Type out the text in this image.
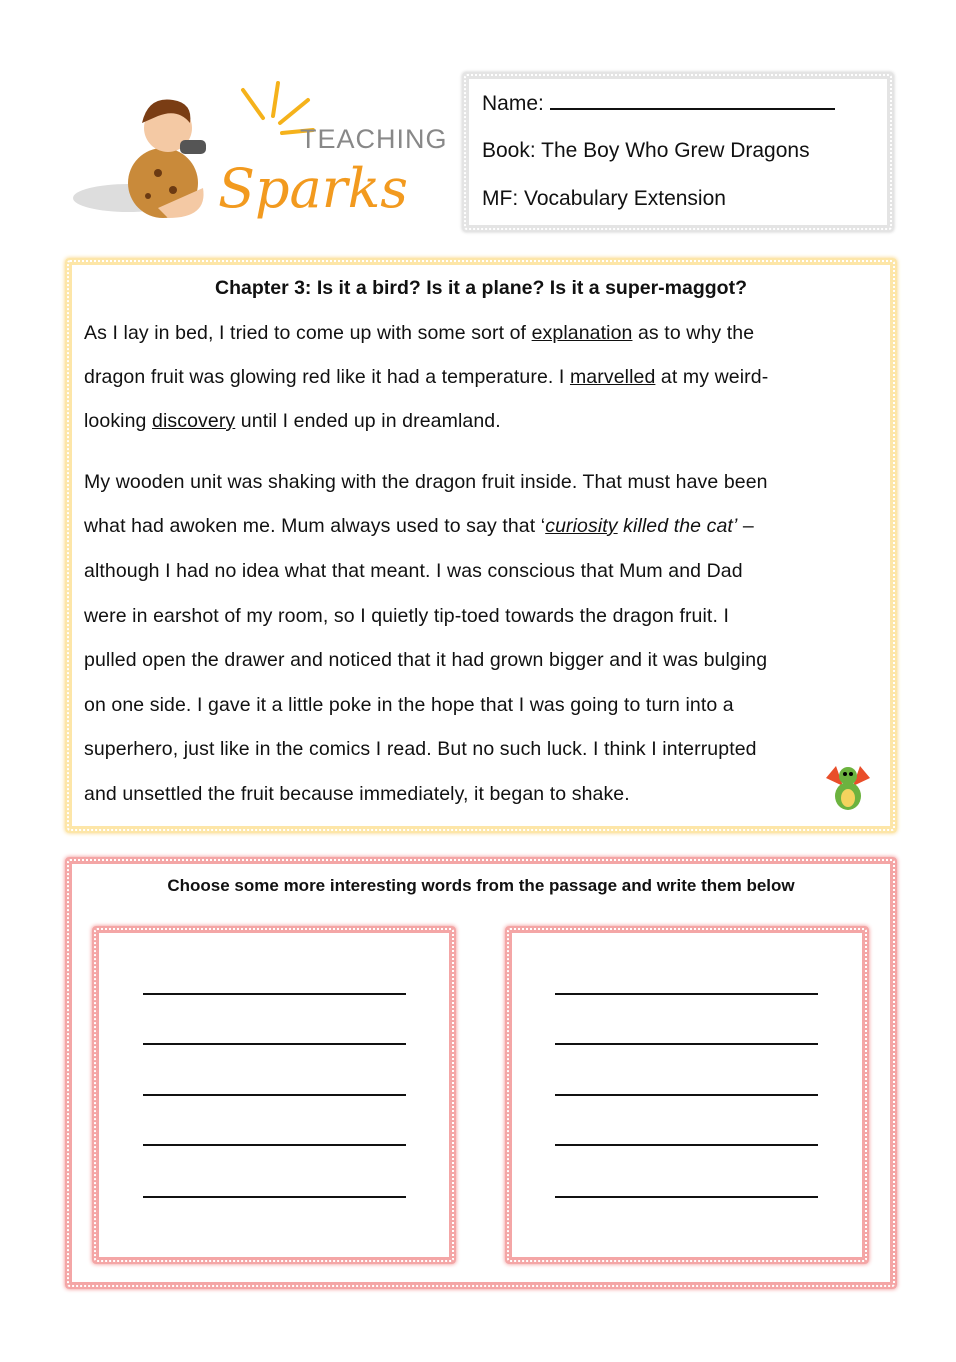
TEACHING
Sparks
Name:
Book: The Boy Who Grew Dragons
MF: Vocabulary Extension
Chapter 3: Is it a bird? Is it a plane? Is it a super-maggot?
As I lay in bed, I tried to come up with some sort of explanation as to why the
dragon fruit was glowing red like it had a temperature. I marvelled at my weird-
looking discovery until I ended up in dreamland.
My wooden unit was shaking with the dragon fruit inside. That must have been
what had awoken me. Mum always used to say that ‘curiosity killed the cat’ –
although I had no idea what that meant. I was conscious that Mum and Dad
were in earshot of my room, so I quietly tip-toed towards the dragon fruit. I
pulled open the drawer and noticed that it had grown bigger and it was bulging
on one side. I gave it a little poke in the hope that I was going to turn into a
superhero, just like in the comics I read. But no such luck. I think I interrupted
and unsettled the fruit because immediately, it began to shake.
Choose some more interesting words from the passage and write them below
